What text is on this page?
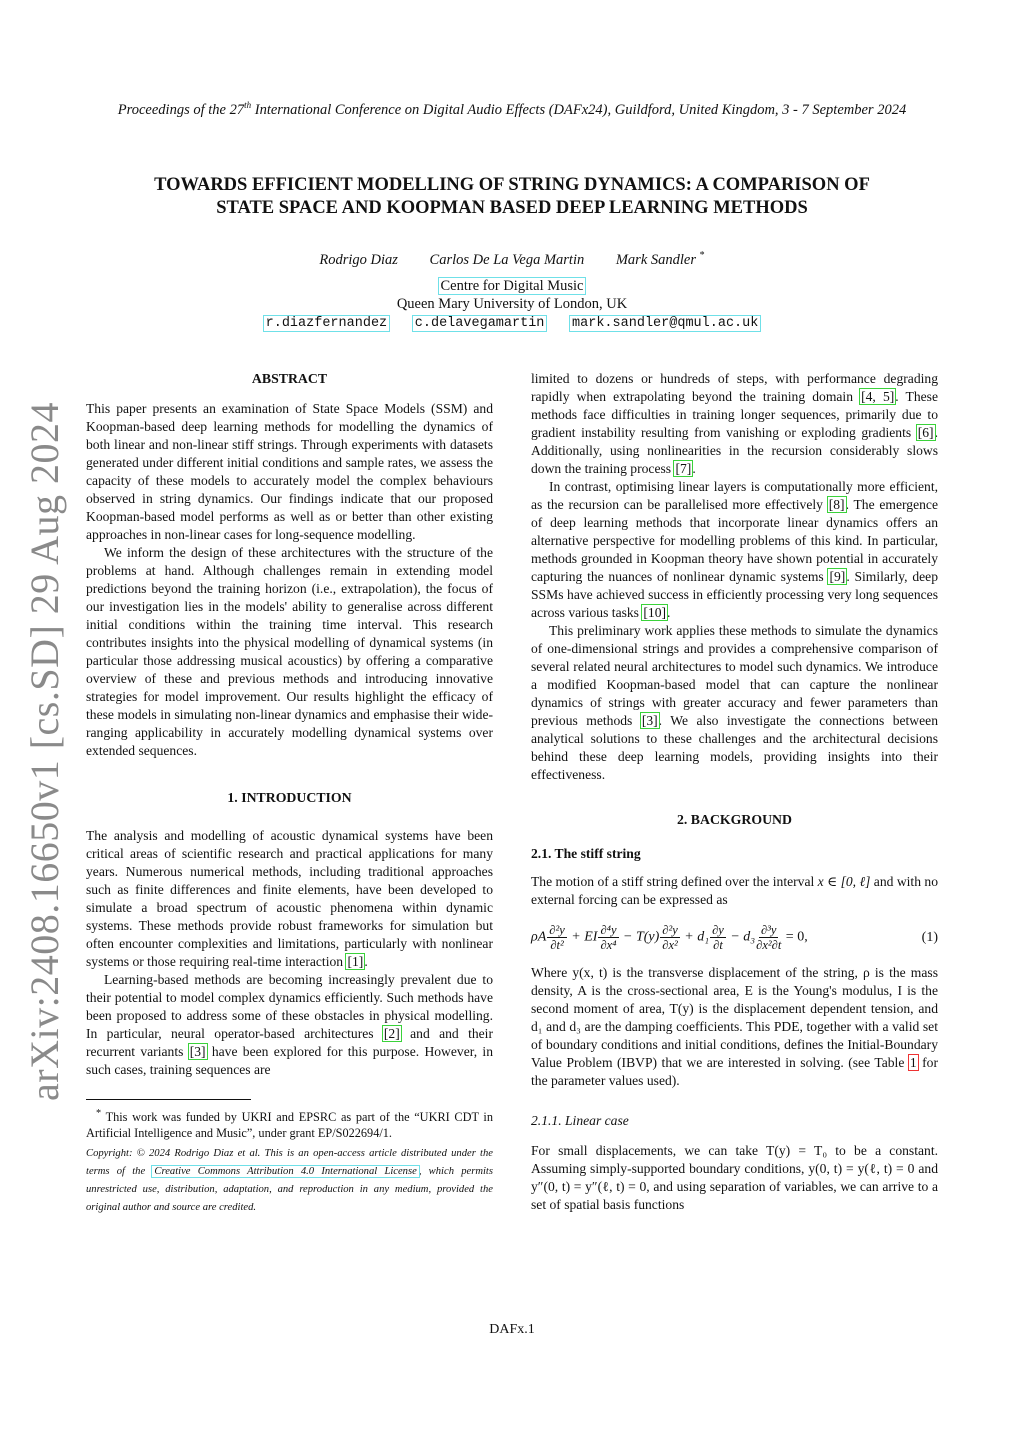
arXiv:2408.16650v1 [cs.SD] 29 Aug 2024
Proceedings of the 27th International Conference on Digital Audio Effects (DAFx24), Guildford, United Kingdom, 3 - 7 September 2024
TOWARDS EFFICIENT MODELLING OF STRING DYNAMICS: A COMPARISON OF
STATE SPACE AND KOOPMAN BASED DEEP LEARNING METHODS
Rodrigo Diaz Carlos De La Vega Martin Mark Sandler *
Centre for Digital Music
Queen Mary University of London, UK
r.diazfernandez c.delavegamartin mark.sandler@qmul.ac.uk

ABSTRACT

This paper presents an examination of State Space Models (SSM) and Koopman-based deep learning methods for modelling the dynamics of both linear and non-linear stiff strings. Through experiments with datasets generated under different initial conditions and sample rates, we assess the capacity of these models to accurately model the complex behaviours observed in string dynamics. Our findings indicate that our proposed Koopman-based model performs as well as or better than other existing approaches in non-linear cases for long-sequence modelling.

We inform the design of these architectures with the structure of the problems at hand. Although challenges remain in extending model predictions beyond the training horizon (i.e., extrapolation), the focus of our investigation lies in the models' ability to generalise across different initial conditions within the training time interval. This research contributes insights into the physical modelling of dynamical systems (in particular those addressing musical acoustics) by offering a comparative overview of these and previous methods and introducing innovative strategies for model improvement. Our results highlight the efficacy of these models in simulating non-linear dynamics and emphasise their wide-ranging applicability in accurately modelling dynamical systems over extended sequences.

1. INTRODUCTION

The analysis and modelling of acoustic dynamical systems have been critical areas of scientific research and practical applications for many years. Numerous numerical methods, including traditional approaches such as finite differences and finite elements, have been developed to simulate a broad spectrum of acoustic phenomena within dynamic systems. These methods provide robust frameworks for simulation but often encounter complexities and limitations, particularly with nonlinear systems or those requiring real-time interaction [1].

Learning-based methods are becoming increasingly prevalent due to their potential to model complex dynamics efficiently. Such methods have been proposed to address some of these obstacles in physical modelling. In particular, neural operator-based architectures [2] and and their recurrent variants [3] have been explored for this purpose. However, in such cases, training sequences are

* This work was funded by UKRI and EPSRC as part of the “UKRI CDT in Artificial Intelligence and Music”, under grant EP/S022694/1.

Copyright: © 2024 Rodrigo Diaz et al. This is an open-access article distributed under the terms of the Creative Commons Attribution 4.0 International License , which permits unrestricted use, distribution, adaptation, and reproduction in any medium, provided the original author and source are credited.

limited to dozens or hundreds of steps, with performance degrading rapidly when extrapolating beyond the training domain [4, 5]. These methods face difficulties in training longer sequences, primarily due to gradient instability resulting from vanishing or exploding gradients [6]. Additionally, using nonlinearities in the recursion considerably slows down the training process [7].

In contrast, optimising linear layers is computationally more efficient, as the recursion can be parallelised more effectively [8]. The emergence of deep learning methods that incorporate linear dynamics offers an alternative perspective for modelling problems of this kind. In particular, methods grounded in Koopman theory have shown potential in accurately capturing the nuances of nonlinear dynamic systems [9]. Similarly, deep SSMs have achieved success in efficiently processing very long sequences across various tasks [10].

This preliminary work applies these methods to simulate the dynamics of one-dimensional strings and provides a comprehensive comparison of several related neural architectures to model such dynamics. We introduce a modified Koopman-based model that can capture the nonlinear dynamics of strings with greater accuracy and fewer parameters than previous methods [3]. We also investigate the connections between analytical solutions to these challenges and the architectural decisions behind these deep learning models, providing insights into their effectiveness.

2. BACKGROUND

2.1. The stiff string

The motion of a stiff string defined over the interval x ∈ [0, ℓ] and with no external forcing can be expressed as

ρA $\frac{\text{∂²y}}{\text{∂t²}}$ + EI $\frac{\text{∂⁴y}}{\text{∂x⁴}} - T(y) \frac{\text{∂²y}}{\text{∂x²}} + d_1 \frac{\partial y}{\partial t} - d_3 \frac{\text{∂³y}}{\text{∂x²∂t}} = 0$,	(1)

Where y(x, t) is the transverse displacement of the string, ρ is the mass density, A is the cross-sectional area, E is the Young's modulus, I is the second moment of area, T(y) is the displacement dependent tension, and d₁ and d₃ are the damping coefficients. This PDE, together with a valid set of boundary conditions and initial conditions, defines the Initial-Boundary Value Problem (IBVP) that we are interested in solving. (see Table 1 for the parameter values used).

2.1.1. Linear case

For small displacements, we can take T(y) = T₀ to be a constant. Assuming simply-supported boundary conditions, y(0, t) = y(ℓ, t) = 0 and y″(0, t) = y″(ℓ, t) = 0, and using separation of variables, we can arrive to a set of spatial basis functions

DAFx.1
